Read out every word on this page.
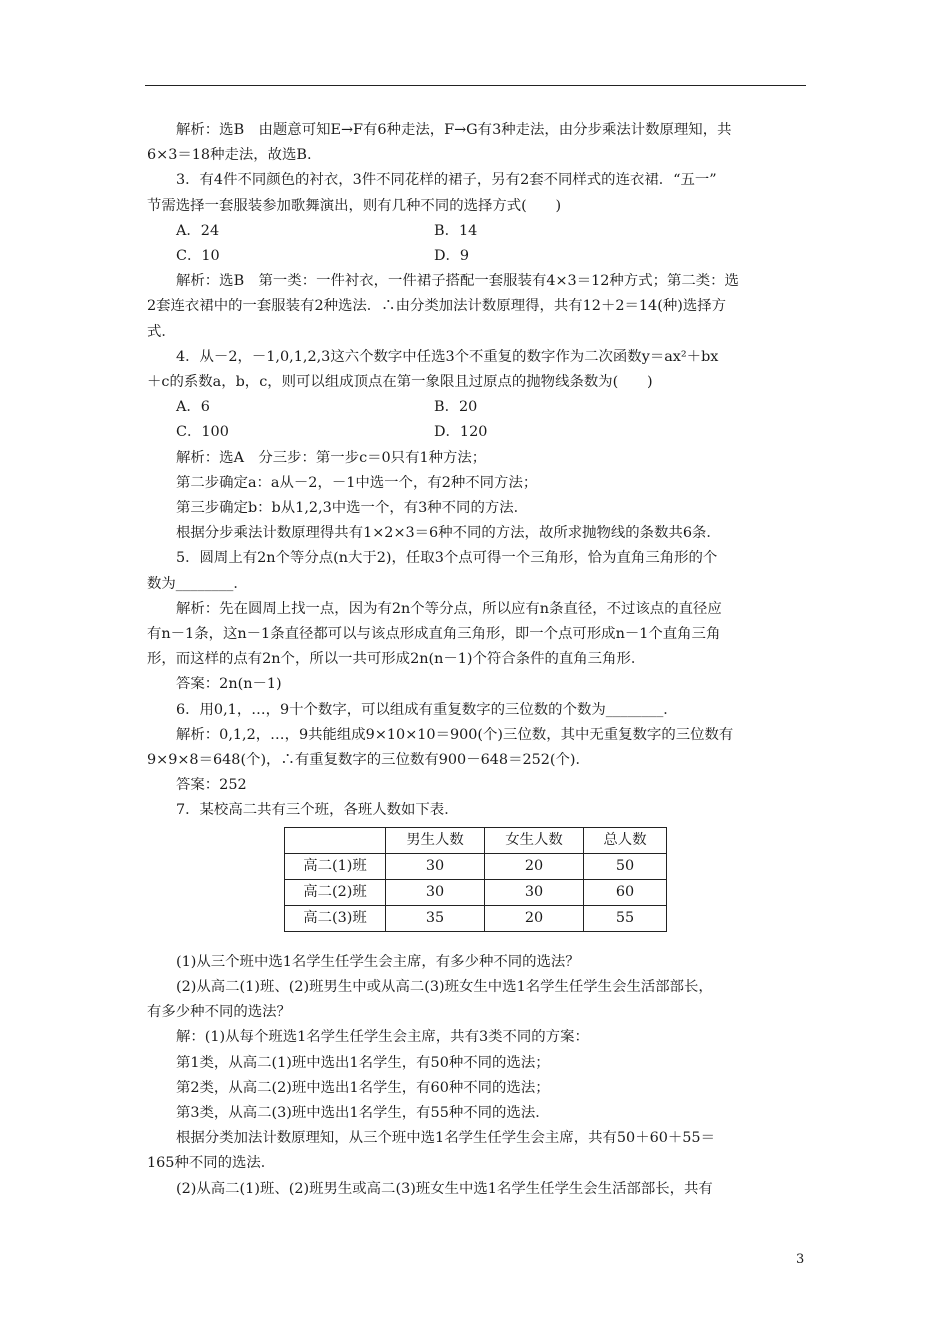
解析：选B　由题意可知E→F有6种走法，F→G有3种走法，由分步乘法计数原理知，共

6×3＝18种走法，故选B.

3．有4件不同颜色的衬衣，3件不同花样的裙子，另有2套不同样式的连衣裙．“五一”

节需选择一套服装参加歌舞演出，则有几种不同的选择方式(　　)

A．24	B．14
C．10	D．9

解析：选B　第一类：一件衬衣，一件裙子搭配一套服装有4×3＝12种方式；第二类：选

2套连衣裙中的一套服装有2种选法．∴由分类加法计数原理得，共有12＋2＝14(种)选择方

式．

4．从－2，－1,0,1,2,3这六个数字中任选3个不重复的数字作为二次函数y＝ax²＋bx

＋c的系数a，b，c，则可以组成顶点在第一象限且过原点的抛物线条数为(　　)

A．6	B．20
C．100	D．120

解析：选A　分三步：第一步c＝0只有1种方法；

第二步确定a：a从－2，－1中选一个，有2种不同方法；

第三步确定b：b从1,2,3中选一个，有3种不同的方法．

根据分步乘法计数原理得共有1×2×3＝6种不同的方法，故所求抛物线的条数共6条．

5．圆周上有2n个等分点(n大于2)，任取3个点可得一个三角形，恰为直角三角形的个

数为________．

解析：先在圆周上找一点，因为有2n个等分点，所以应有n条直径，不过该点的直径应

有n－1条，这n－1条直径都可以与该点形成直角三角形，即一个点可形成n－1个直角三角

形，而这样的点有2n个，所以一共可形成2n(n－1)个符合条件的直角三角形．

答案：2n(n－1)

6．用0,1，…，9十个数字，可以组成有重复数字的三位数的个数为________．

解析：0,1,2，…，9共能组成9×10×10＝900(个)三位数，其中无重复数字的三位数有

9×9×8＝648(个)，∴有重复数字的三位数有900－648＝252(个)．

答案：252

7．某校高二共有三个班，各班人数如下表．

	男生人数	女生人数	总人数
高二(1)班	30	20	50
高二(2)班	30	30	60
高二(3)班	35	20	55

(1)从三个班中选1名学生任学生会主席，有多少种不同的选法？

(2)从高二(1)班、(2)班男生中或从高二(3)班女生中选1名学生任学生会生活部部长，

有多少种不同的选法？

解：(1)从每个班选1名学生任学生会主席，共有3类不同的方案：

第1类，从高二(1)班中选出1名学生，有50种不同的选法；

第2类，从高二(2)班中选出1名学生，有60种不同的选法；

第3类，从高二(3)班中选出1名学生，有55种不同的选法．

根据分类加法计数原理知，从三个班中选1名学生任学生会主席，共有50＋60＋55＝

165种不同的选法．

(2)从高二(1)班、(2)班男生或高二(3)班女生中选1名学生任学生会生活部部长，共有

3
